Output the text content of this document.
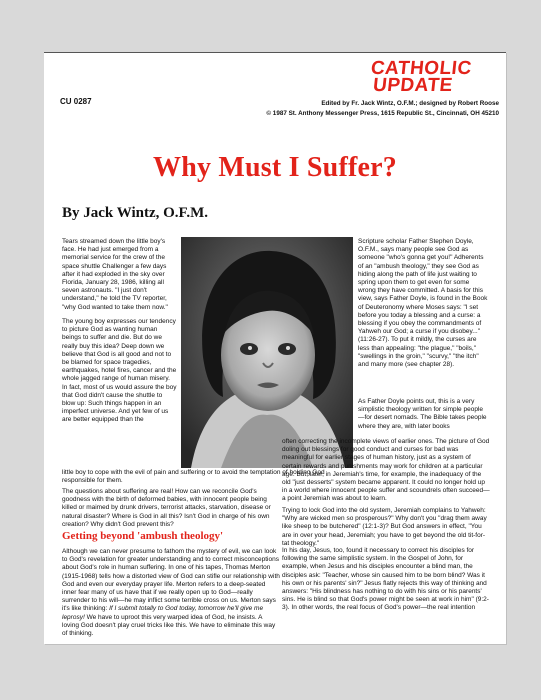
CATHOLIC
UPDATE
CU 0287	Edited by Fr. Jack Wintz, O.F.M.; designed by Robert Roose
© 1987 St. Anthony Messenger Press, 1615 Republic St., Cincinnati, OH 45210
Why Must I Suffer?
By Jack Wintz, O.F.M.

Tears streamed down the little boy's face. He had just emerged from a memorial service for the crew of the space shuttle Challenger a few days after it had exploded in the sky over Florida, January 28, 1986, killing all seven astronauts. "I just don't understand," he told the TV reporter, "why God wanted to take them now."

The young boy expresses our tendency to picture God as wanting human beings to suffer and die. But do we really buy this idea? Deep down we believe that God is all good and not to be blamed for space tragedies, earthquakes, hotel fires, cancer and the whole jagged range of human misery. In fact, most of us would assure the boy that God didn't cause the shuttle to blow up: Such things happen in an imperfect universe. And yet few of us are better equipped than the

little boy to cope with the evil of pain and suffering or to avoid the temptation of holding God responsible for them.

The questions about suffering are real! How can we reconcile God's goodness with the birth of deformed babies, with innocent people being killed or maimed by drunk drivers, terrorist attacks, starvation, disease or natural disaster? Where is God in all this? Isn't God in charge of his own creation? Why didn't God prevent this?

Getting beyond 'ambush theology'

Although we can never presume to fathom the mystery of evil, we can look to God's revelation for greater understanding and to correct misconceptions about God's role in human suffering. In one of his tapes, Thomas Merton (1915-1968) tells how a distorted view of God can stifle our relationship with God and even our everyday prayer life. Merton refers to a deep-seated inner fear many of us have that if we really open up to God—really surrender to his will—he may inflict some terrible cross on us. Merton says it's like thinking: If I submit totally to God today, tomorrow he'll give me leprosy! We have to uproot this very warped idea of God, he insists. A loving God doesn't play cruel tricks like this. We have to eliminate this way of thinking.

Scripture scholar Father Stephen Doyle, O.F.M., says many people see God as someone "who's gonna get you!" Adherents of an "ambush theology," they see God as hiding along the path of life just waiting to spring upon them to get even for some wrong they have committed. A basis for this view, says Father Doyle, is found in the Book of Deuteronomy where Moses says: "I set before you today a blessing and a curse: a blessing if you obey the commandments of Yahweh our God; a curse if you disobey..." (11:26-27). To put it mildly, the curses are less than appealing: "the plague," "boils," "swellings in the groin," "scurvy," "the itch" and many more (see chapter 28).

As Father Doyle points out, this is a very simplistic theology written for simple people—for desert nomads. The Bible takes people where they are, with later books

often correcting the incomplete views of earlier ones. The picture of God doling out blessings for good conduct and curses for bad was meaningful for earlier stages of human history, just as a system of certain rewards and punishments may work for children at a particular age. But, later, in Jeremiah's time, for example, the inadequacy of the old "just desserts" system became apparent. It could no longer hold up in a world where innocent people suffer and scoundrels often succeed—a point Jeremiah was about to learn.

Trying to lock God into the old system, Jeremiah complains to Yahweh: "Why are wicked men so prosperous?" Why don't you "drag them away like sheep to be butchered" (12:1-3)? But God answers in effect, "You are in over your head, Jeremiah; you have to get beyond the old tit-for-tat theology."

In his day, Jesus, too, found it necessary to correct his disciples for following the same simplistic system. In the Gospel of John, for example, when Jesus and his disciples encounter a blind man, the disciples ask: "Teacher, whose sin caused him to be born blind? Was it his own or his parents' sin?" Jesus flatly rejects this way of thinking and answers: "His blindness has nothing to do with his sins or his parents' sins. He is blind so that God's power might be seen at work in him" (9:2-3). In other words, the real focus of God's power—the real intention
